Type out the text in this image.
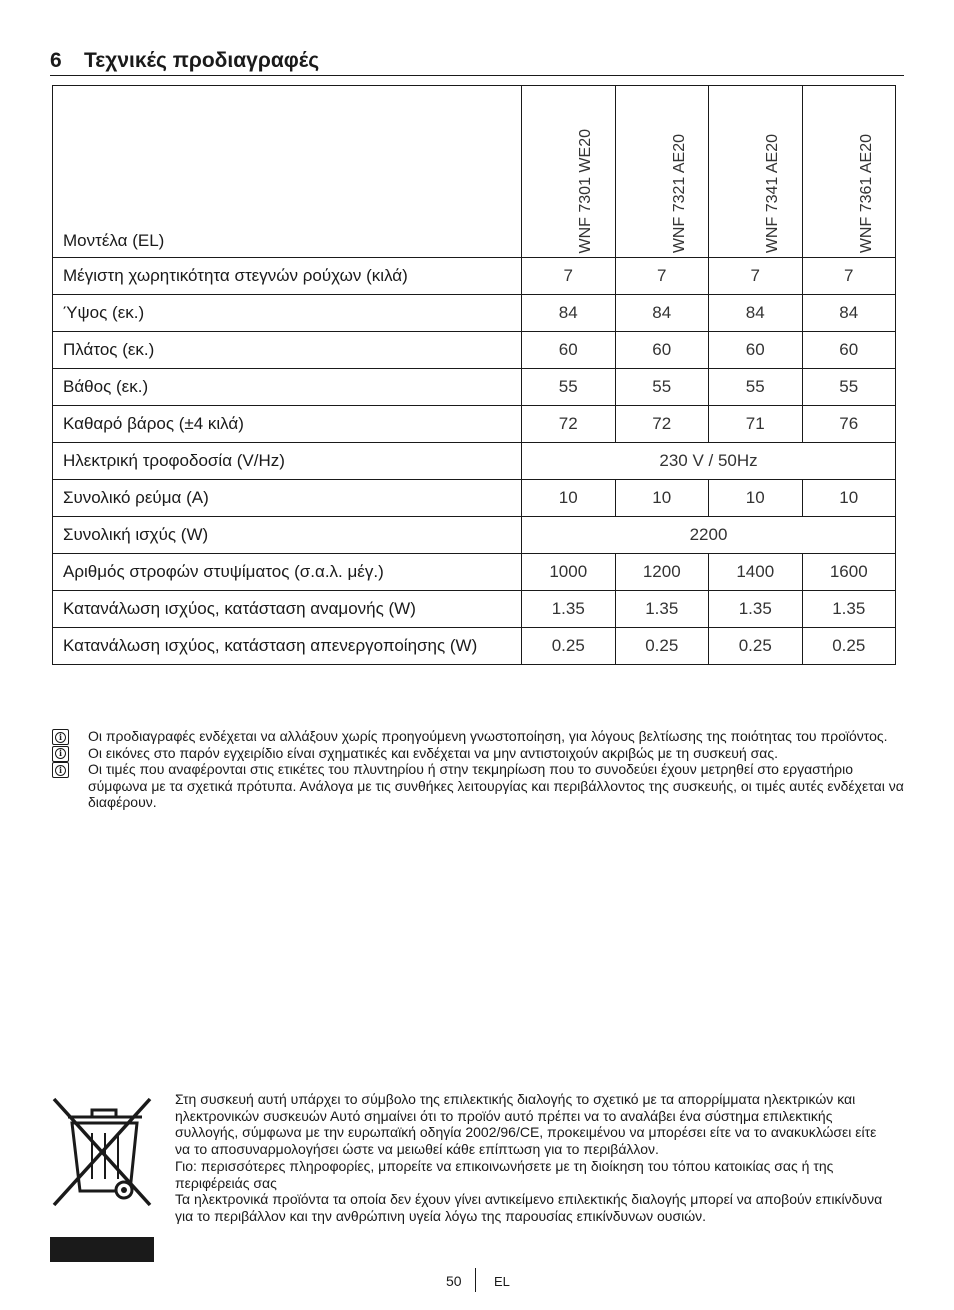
6 Τεχνικές προδιαγραφές
Μοντέλα (EL)	WNF 7301 WE20	WNF 7321 AE20	WNF 7341 AE20	WNF 7361 AE20

Μέγιστη χωρητικότητα στεγνών ρούχων (κιλά)	7	7	7	7
Ύψος (εκ.)	84	84	84	84
Πλάτος (εκ.)	60	60	60	60
Βάθος (εκ.)	55	55	55	55
Καθαρό βάρος (±4 κιλά)	72	72	71	76
Ηλεκτρική τροφοδοσία (V/Hz)	230 V / 50Hz			
Συνολικό ρεύμα (A)	10	10	10	10
Συνολική ισχύς (W)	2200			
Αριθμός στροφών στυψίματος (σ.α.λ. μέγ.)	1000	1200	1400	1600
Κατανάλωση ισχύος, κατάσταση αναμονής (W)	1.35	1.35	1.35	1.35
Κατανάλωση ισχύος, κατάσταση απενεργοποίησης (W)	0.25	0.25	0.25	0.25
i Οι προδιαγραφές ενδέχεται να αλλάξουν χωρίς προηγούμενη γνωστοποίηση, για λόγους βελτίωσης της ποιότητας του προϊόντος.
i Οι εικόνες στο παρόν εγχειρίδιο είναι σχηματικές και ενδέχεται να μην αντιστοιχούν ακριβώς με τη συσκευή σας.
i Οι τιμές που αναφέρονται στις ετικέτες του πλυντηρίου ή στην τεκμηρίωση που το συνοδεύει έχουν μετρηθεί στο εργαστήριο σύμφωνα με τα σχετικά πρότυπα. Ανάλογα με τις συνθήκες λειτουργίας και περιβάλλοντος της συσκευής, οι τιμές αυτές ενδέχεται να διαφέρουν.

Στη συσκευή αυτή υπάρχει το σύμβολο της επιλεκτικής διαλογής το σχετικό με τα απορρίμματα ηλεκτρικών και ηλεκτρονικών συσκευών Αυτό σημαίνει ότι το προϊόν αυτό πρέπει να το αναλάβει ένα σύστημα επιλεκτικής συλλογής, σύμφωνα με την ευρωπαϊκή οδηγία 2002/96/CE, προκειμένου να μπορέσει είτε να το ανακυκλώσει είτε να το αποσυναρμολογήσει ώστε να μειωθεί κάθε επίπτωση για το περιβάλλον.

Γιο: περισσότερες πληροφορίες, μπορείτε να επικοινωνήσετε με τη διοίκηση του τόπου κατοικίας σας ή της περιφέρειάς σας

Τα ηλεκτρονικά προϊόντα τα οποία δεν έχουν γίνει αντικείμενο επιλεκτικής διαλογής μπορεί να αποβούν επικίνδυνα για το περιβάλλον και την ανθρώπινη υγεία λόγω της παρουσίας επικίνδυνων ουσιών.

50 EL
